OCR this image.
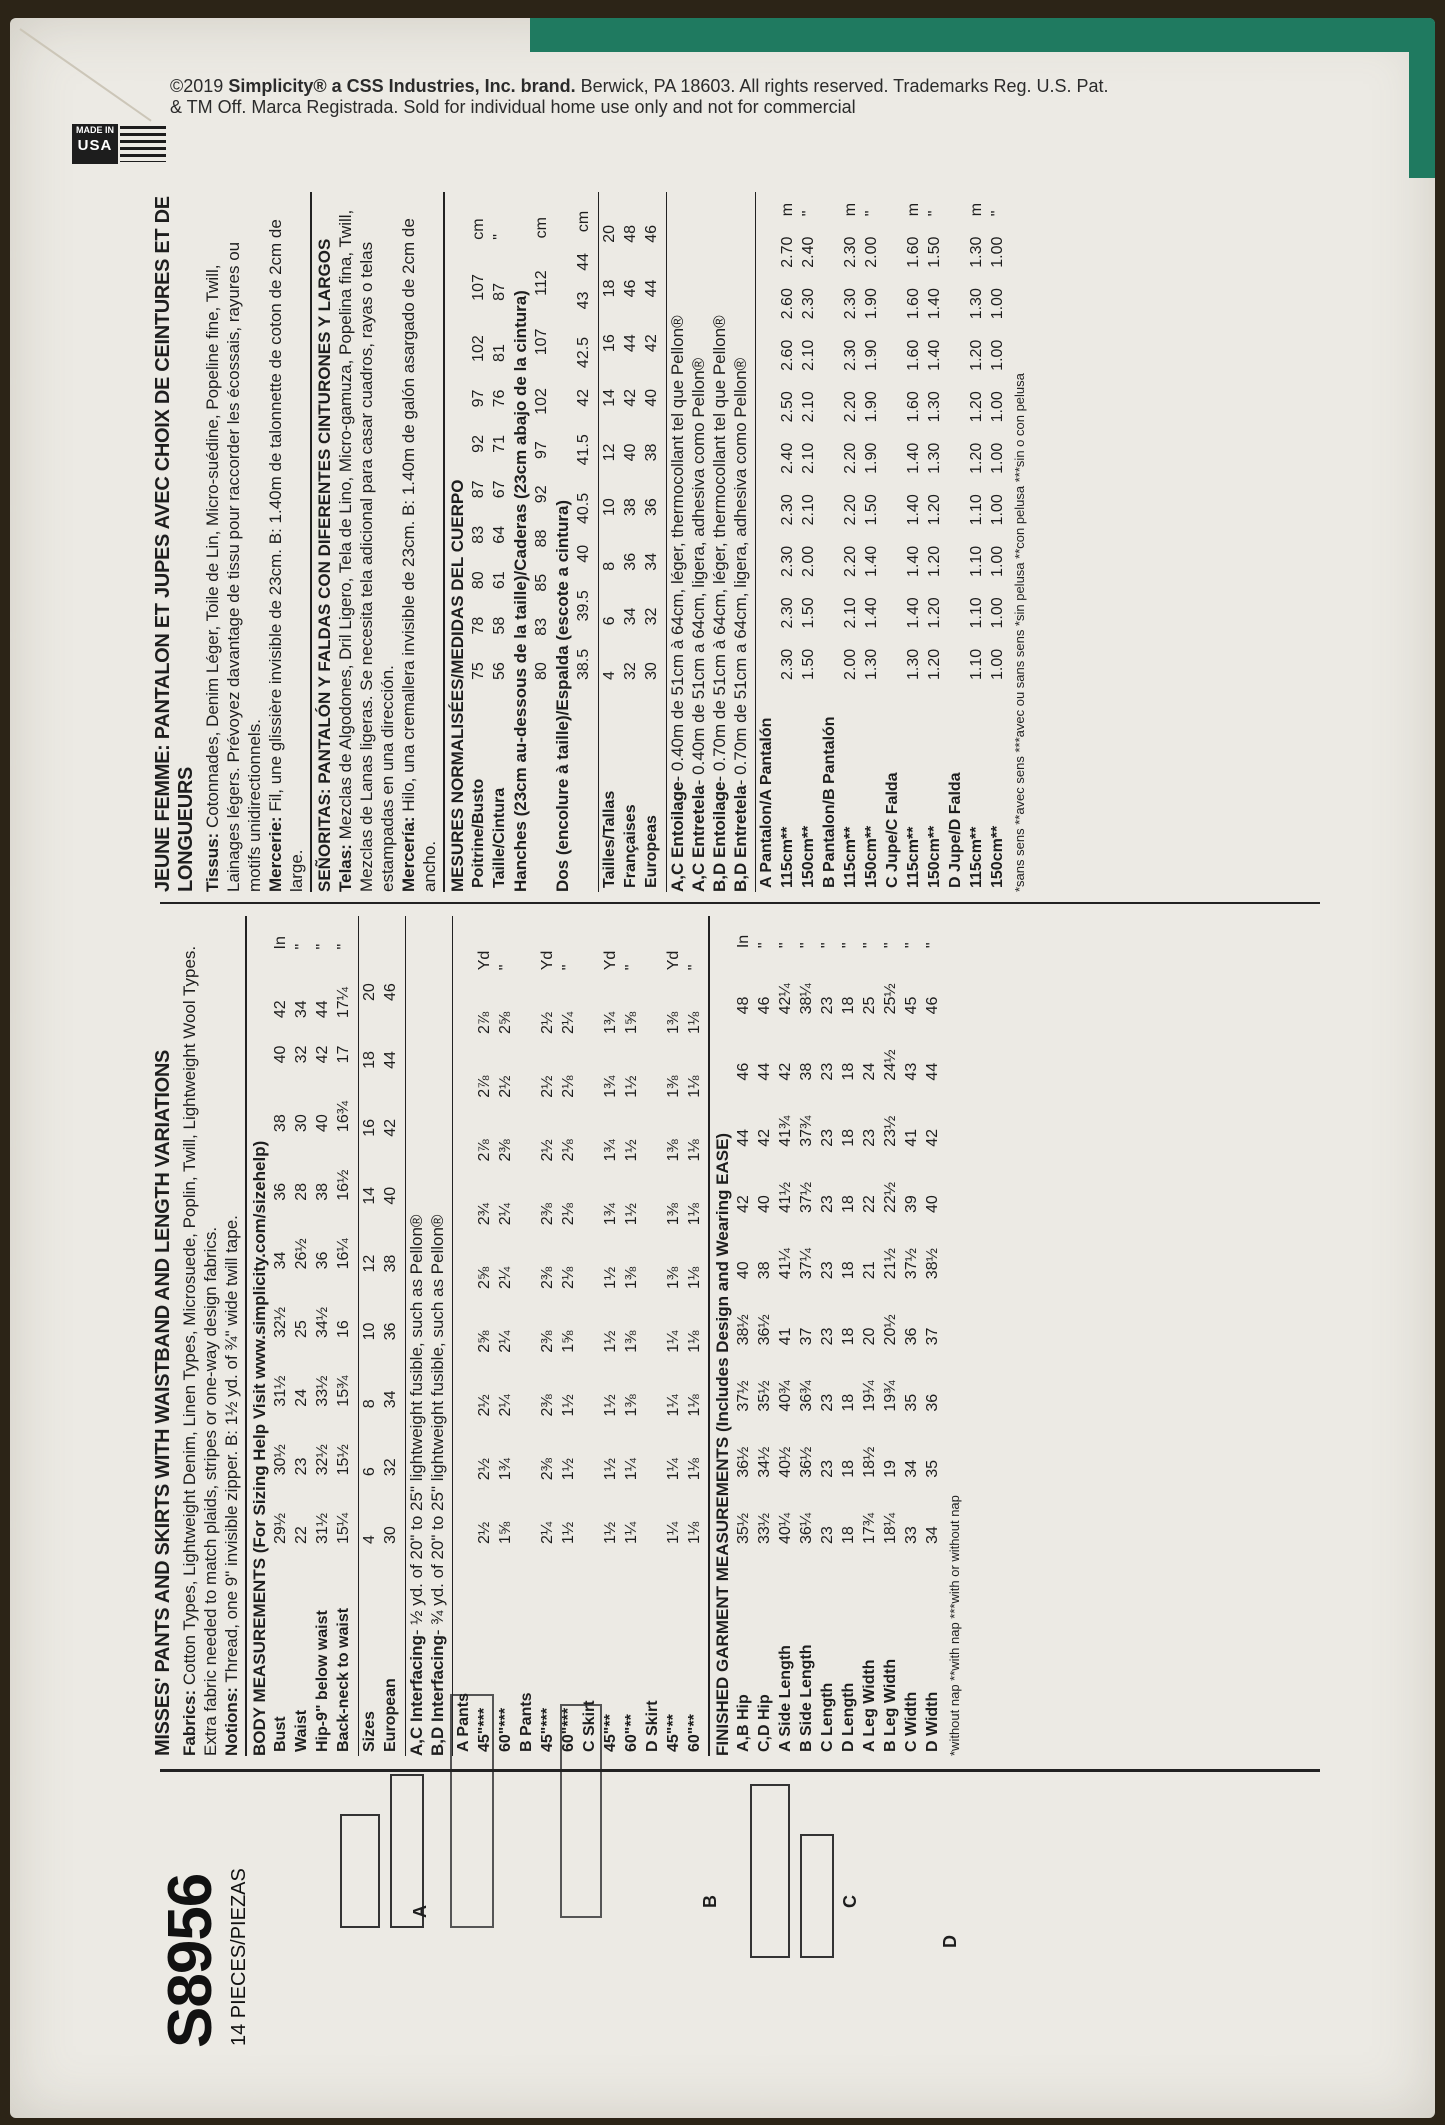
MADE IN
USA
©2019 Simplicity® a CSS Industries, Inc. brand. Berwick, PA 18603. All rights reserved. Trademarks Reg. U.S. Pat.
& TM Off. Marca Registrada. Sold for individual home use only and not for commercial
S8956 14 PIECES/PIEZAS	A
B	C
D
MISSES' PANTS AND SKIRTS WITH WAISTBAND AND LENGTH VARIATIONS Fabrics: Cotton Types, Lightweight Denim, Linen Types, Microsuede, Poplin, Twill, Lightweight Wool Types. Extra fabric needed to match plaids, stripes or one-way design fabrics. Notions: Thread, one 9" invisible zipper. B: 1½ yd. of ¾" wide twill tape. BODY MEASUREMENTS (For Sizing Help Visit www.simplicity.com/sizehelp) Bust	29½	30½	31½	32½	34	36	38	40	42	In
Waist	22	23	24	25	26½	28	30	32	34	"
Hip-9" below waist	31½	32½	33½	34½	36	38	40	42	44	"
Back-neck to waist	15¼	15½	15¾	16	16¼	16½	16¾	17	17¼	"
Sizes	4	6	8	10	12	14	16	18	20	
European	30	32	34	36	38	40	42	44	46	
A,C Interfacing- ½ yd. of 20" to 25" lightweight fusible, such as Pellon®
B,D Interfacing- ¾ yd. of 20" to 25" lightweight fusible, such as Pellon®
A Pants										
45"***	2½	2½	2½	2⅝	2⅝	2¾	2⅞	2⅞	2⅞	Yd
60"***	1⅝	1¾	2¼	2¼	2¼	2¼	2⅜	2½	2⅝	"
B Pants										
45"***	2¼	2⅜	2⅜	2⅜	2⅜	2⅜	2½	2½	2½	Yd
60"***	1½	1½	1½	1⅝	2⅛	2⅛	2⅛	2⅛	2¼	"
C Skirt										
45"**	1½	1½	1½	1½	1½	1¾	1¾	1¾	1¾	Yd
60"**	1¼	1¼	1⅜	1⅜	1⅜	1½	1½	1½	1⅝	"
D Skirt										
45"**	1¼	1¼	1¼	1¼	1⅜	1⅜	1⅜	1⅜	1⅜	Yd
60"**	1⅛	1⅛	1⅛	1⅛	1⅛	1⅛	1⅛	1⅛	1⅛	"
FINISHED GARMENT MEASUREMENTS (Includes Design and Wearing EASE) A,B Hip	35½	36½	37½	38½	40	42	44	46	48	In
C,D Hip	33½	34½	35½	36½	38	40	42	44	46	"
A Side Length	40¼	40½	40¾	41	41¼	41½	41¾	42	42¼	"
B Side Length	36¼	36½	36¾	37	37¼	37½	37¾	38	38¼	"
C Length	23	23	23	23	23	23	23	23	23	"
D Length	18	18	18	18	18	18	18	18	18	"
A Leg Width	17¾	18½	19¼	20	21	22	23	24	25	"
B Leg Width	18¼	19	19¾	20½	21½	22½	23½	24½	25½	"
C Width	33	34	35	36	37½	39	41	43	45	"
D Width	34	35	36	37	38½	40	42	44	46	"
*without nap **with nap ***with or without nap
JEUNE FEMME: PANTALON ET JUPES AVEC CHOIX DE CEINTURES ET DE LONGUEURS Tissus: Cotonnades, Denim Léger, Toile de Lin, Micro-suédine, Popeline fine, Twill, Lainages légers. Prévoyez davantage de tissu pour raccorder les écossais, rayures ou motifs unidirectionnels. Mercerie: Fil, une glissière invisible de 23cm. B: 1.40m de talonnette de coton de 2cm de large. SEÑORITAS: PANTALÓN Y FALDAS CON DIFERENTES CINTURONES Y LARGOS Telas: Mezclas de Algodones, Dril Ligero, Tela de Lino, Micro-gamuza, Popelina fina, Twill, Mezclas de Lanas ligeras. Se necesita tela adicional para casar cuadros, rayas o telas estampadas en una dirección. Mercería: Hilo, una cremallera invisible de 23cm. B: 1.40m de galón asargado de 2cm de ancho. MESURES NORMALISÉES/MEDIDAS DEL CUERPO Poitrine/Busto	75	78	80	83	87	92	97	102	107	cm
Taille/Cintura	56	58	61	64	67	71	76	81	87	"
Hanches (23cm au-dessous de la taille)/Caderas (23cm abajo de la cintura)
	80	83	85	88	92	97	102	107	112	cm
Dos (encolure à taille)/Espalda (escote a cintura)
	38.5	39.5	40	40.5	41.5	42	42.5	43	44	cm
Tailles/Tallas	4	6	8	10	12	14	16	18	20
Françaises	32	34	36	38	40	42	44	46	48
Europeas	30	32	34	36	38	40	42	44	46
A,C Entoilage- 0.40m de 51cm à 64cm, léger, thermocollant tel que Pellon®
A,C Entretela- 0.40m de 51cm a 64cm, ligera, adhesiva como Pellon®
B,D Entoilage- 0.70m de 51cm à 64cm, léger, thermocollant tel que Pellon®
B,D Entretela- 0.70m de 51cm a 64cm, ligera, adhesiva como Pellon®
A Pantalon/A Pantalón										
115cm**	2.30	2.30	2.30	2.30	2.40	2.50	2.60	2.60	2.70	m
150cm**	1.50	1.50	2.00	2.10	2.10	2.10	2.10	2.30	2.40	"
B Pantalon/B Pantalón										
115cm**	2.00	2.10	2.20	2.20	2.20	2.20	2.30	2.30	2.30	m
150cm**	1.30	1.40	1.40	1.50	1.90	1.90	1.90	1.90	2.00	"
C Jupe/C Falda										
115cm**	1.30	1.40	1.40	1.40	1.40	1.60	1.60	1.60	1.60	m
150cm**	1.20	1.20	1.20	1.20	1.30	1.30	1.40	1.40	1.50	"
D Jupe/D Falda										
115cm**	1.10	1.10	1.10	1.10	1.20	1.20	1.20	1.30	1.30	m
150cm**	1.00	1.00	1.00	1.00	1.00	1.00	1.00	1.00	1.00	"
*sans sens **avec sens ***avec ou sans sens *sin pelusa **con pelusa ***sin o con pelusa
